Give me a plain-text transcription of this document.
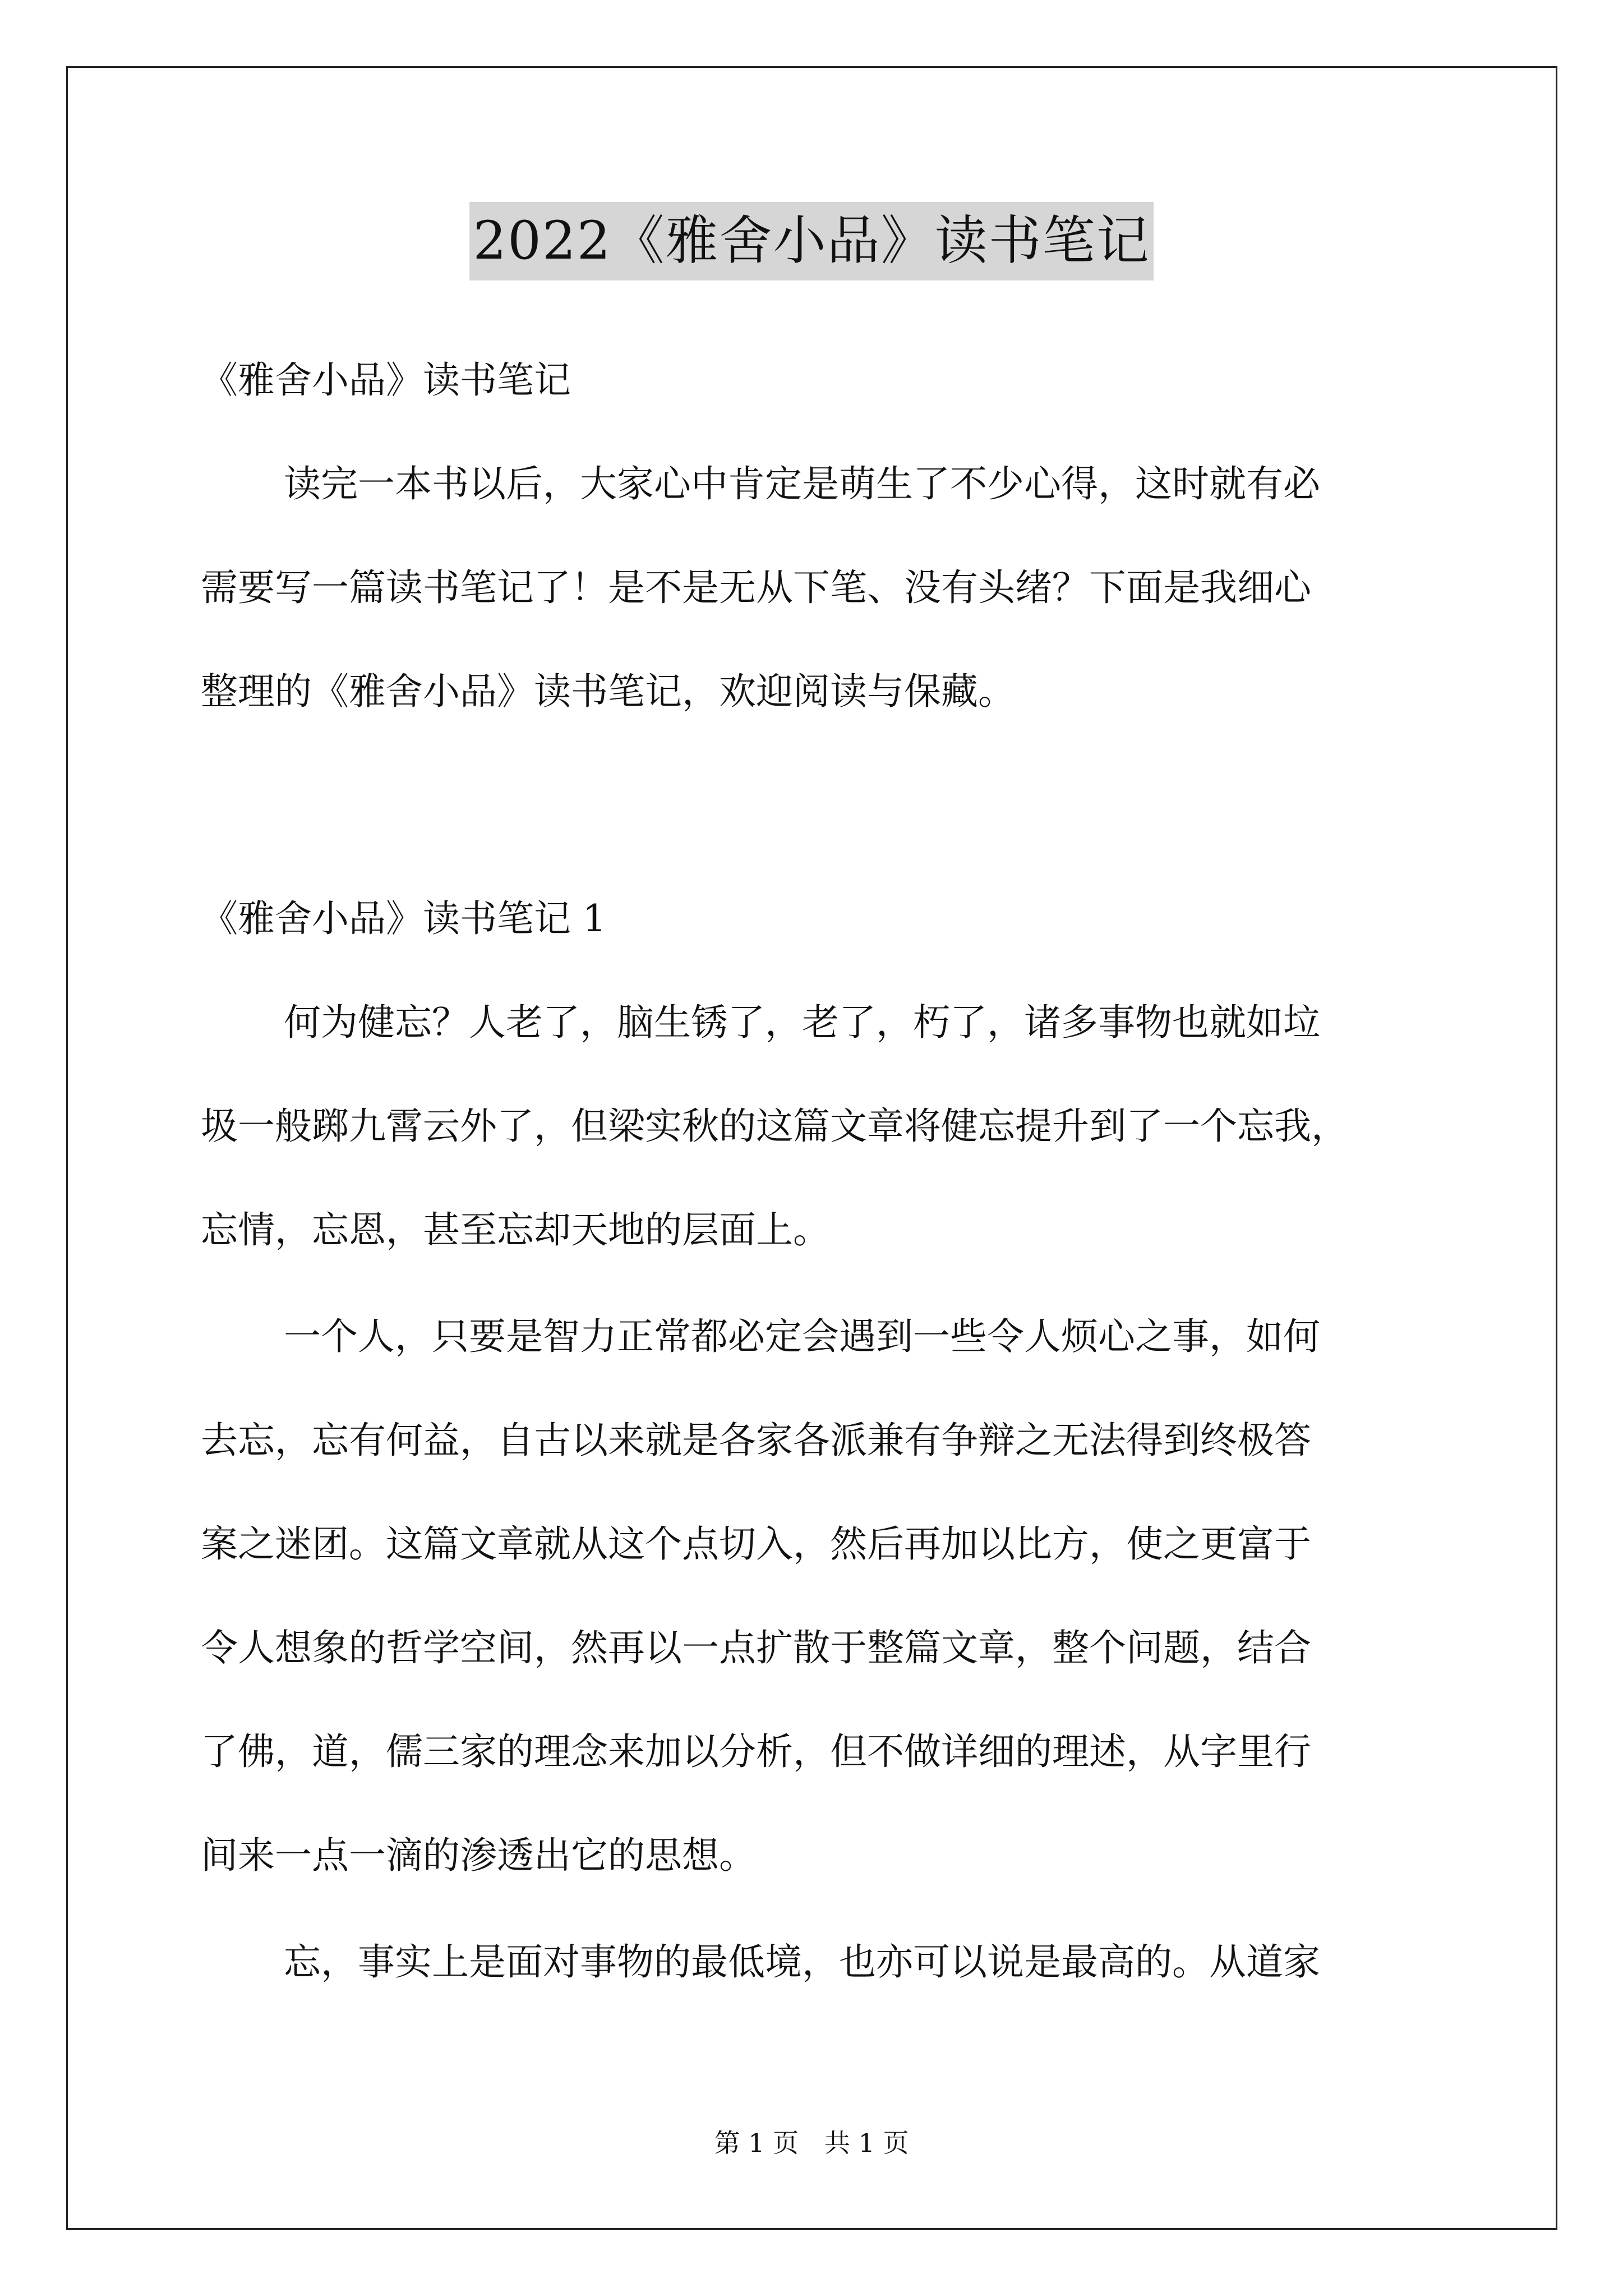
2022《雅舍小品》读书笔记
《雅舍小品》读书笔记
读完一本书以后，大家心中肯定是萌生了不少心得，这时就有必
需要写一篇读书笔记了！是不是无从下笔、没有头绪？下面是我细心
整理的《雅舍小品》读书笔记，欢迎阅读与保藏。
《雅舍小品》读书笔记 1
何为健忘？人老了，脑生锈了，老了，朽了，诸多事物也就如垃
圾一般踯九霄云外了，但梁实秋的这篇文章将健忘提升到了一个忘我，
忘情，忘恩，甚至忘却天地的层面上。
一个人，只要是智力正常都必定会遇到一些令人烦心之事，如何
去忘，忘有何益，自古以来就是各家各派兼有争辩之无法得到终极答
案之迷团。这篇文章就从这个点切入，然后再加以比方，使之更富于
令人想象的哲学空间，然再以一点扩散于整篇文章，整个问题，结合
了佛，道，儒三家的理念来加以分析，但不做详细的理述，从字里行
间来一点一滴的渗透出它的思想。
忘，事实上是面对事物的最低境，也亦可以说是最高的。从道家
第 1 页　共 1 页
